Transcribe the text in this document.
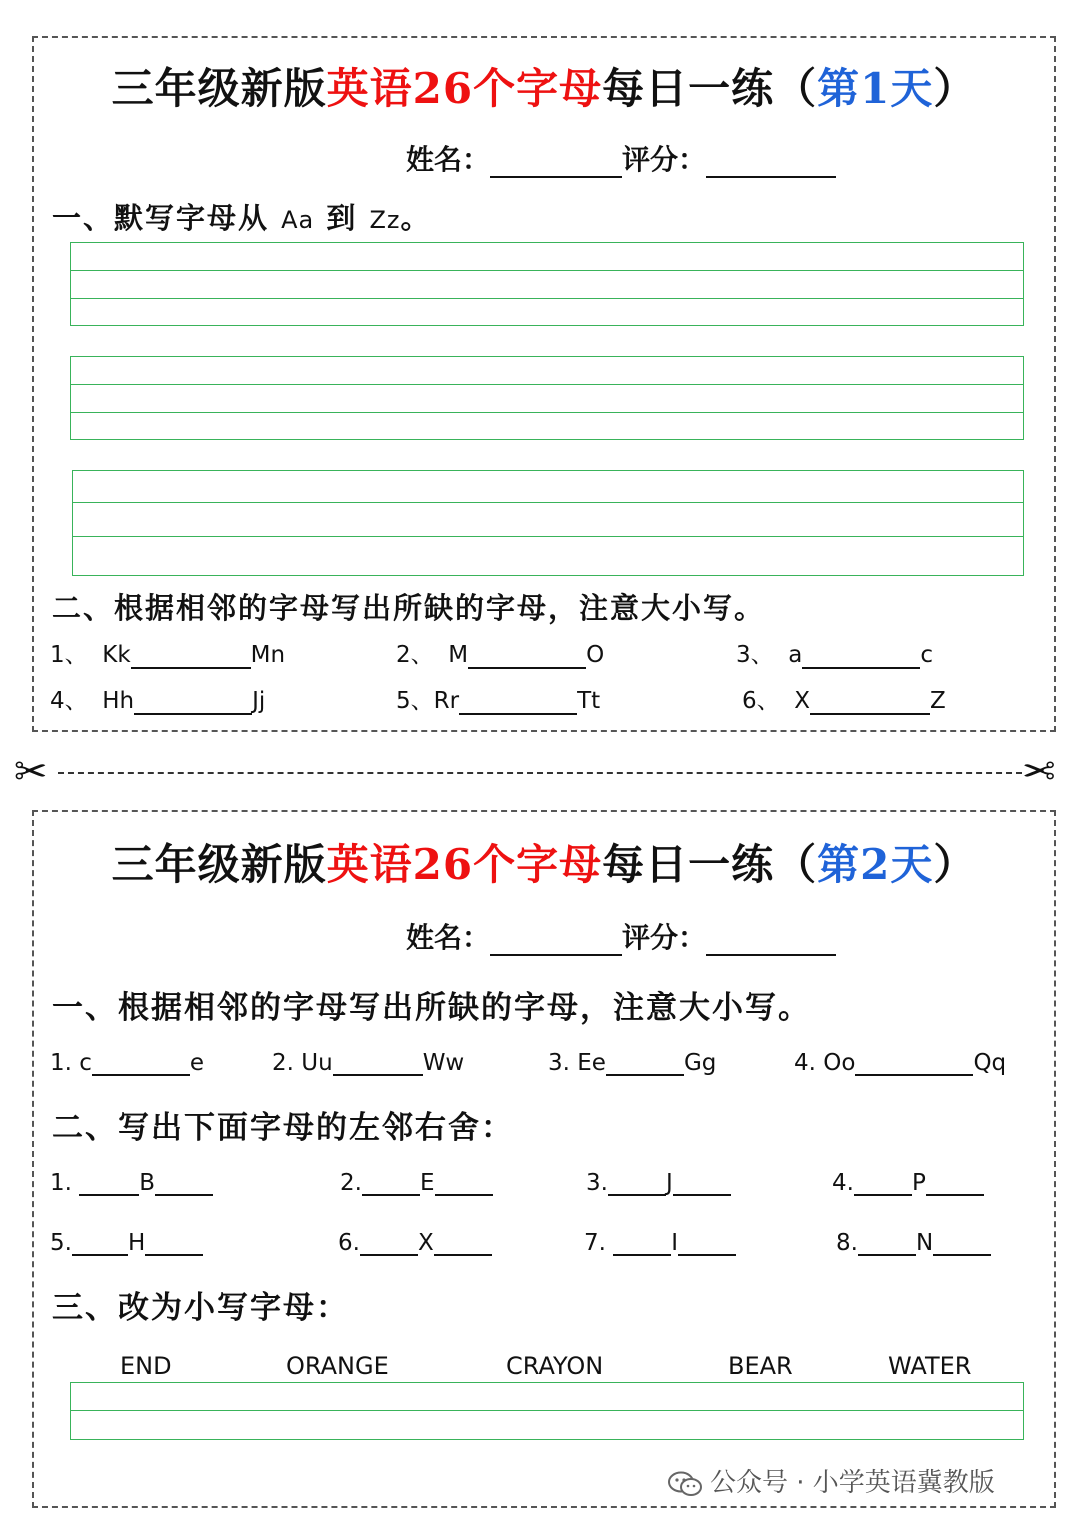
三年级新版英语26个字母每日一练（第1天）
姓名：	评分：
一、默写字母从 Aa 到 Zz。
二、根据相邻的字母写出所缺的字母，注意大小写。
1、 Kk	Mn	2、 M	O	3、 a	c
4、 Hh	Jj	5、Rr	Tt	6、 X	Z
✂	✂
三年级新版英语26个字母每日一练（第2天）
姓名：	评分：
一、根据相邻的字母写出所缺的字母，注意大小写。
1. c	e	2. Uu	Ww	3. Ee	Gg	4. Oo	Qq
二、写出下面字母的左邻右舍：
1.	B	2.	E	3.	J	4.	P
5. H	6.	X	7.	I	8.	N
三、改为小写字母：
END	ORANGE	CRAYON	BEAR	WATER
公众号 · 小学英语冀教版
